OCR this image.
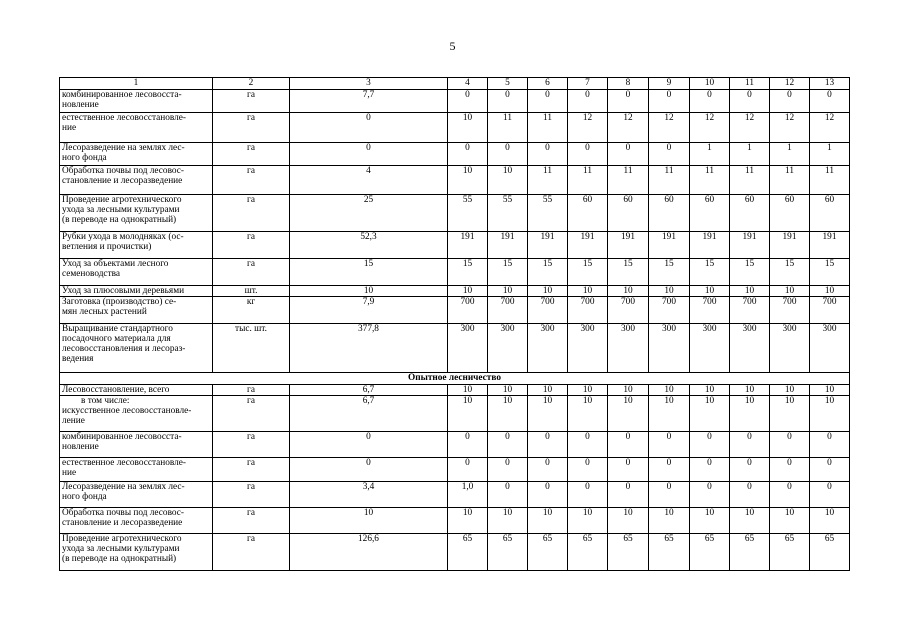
5
1	2	3	4	5	6	7	8	9	10	11	12	13
комбинированное лесовосста-
новление	га	7,7	0	0	0	0	0	0	0	0	0	0
естественное лесовосстановле-
ние	га	0	10	11	11	12	12	12	12	12	12	12
Лесоразведение на землях лес-
ного фонда	га	0	0	0	0	0	0	0	1	1	1	1
Обработка почвы под лесовос-
становление и лесоразведение	га	4	10	10	11	11	11	11	11	11	11	11
Проведение агротехнического
ухода за лесными культурами
(в переводе на однократный)	га	25	55	55	55	60	60	60	60	60	60	60
Рубки ухода в молодняках (ос-
ветления и прочистки)	га	52,3	191	191	191	191	191	191	191	191	191	191
Уход за объектами лесного
семеноводства	га	15	15	15	15	15	15	15	15	15	15	15
Уход за плюсовыми деревьями	шт.	10	10	10	10	10	10	10	10	10	10	10
Заготовка (производство) се-
мян лесных растений	кг	7,9	700	700	700	700	700	700	700	700	700	700
Выращивание стандартного
посадочного материала для
лесовосстановления и лесораз-
ведения	тыс. шт.	377,8	300	300	300	300	300	300	300	300	300	300
Опытное лесничество												
Лесовосстановление, всего	га	6,7	10	10	10	10	10	10	10	10	10	10

в том числе:
искусственное лесовосстановле-
ление	га	6,7	10	10	10	10	10	10	10	10	10	10
комбинированное лесовосста-
новление	га	0	0	0	0	0	0	0	0	0	0	0
естественное лесовосстановле-
ние	га	0	0	0	0	0	0	0	0	0	0	0
Лесоразведение на землях лес-
ного фонда	га	3,4	1,0	0	0	0	0	0	0	0	0	0
Обработка почвы под лесовос-
становление и лесоразведение	га	10	10	10	10	10	10	10	10	10	10	10
Проведение агротехнического
ухода за лесными культурами
(в переводе на однократный)	га	126,6	65	65	65	65	65	65	65	65	65	65
